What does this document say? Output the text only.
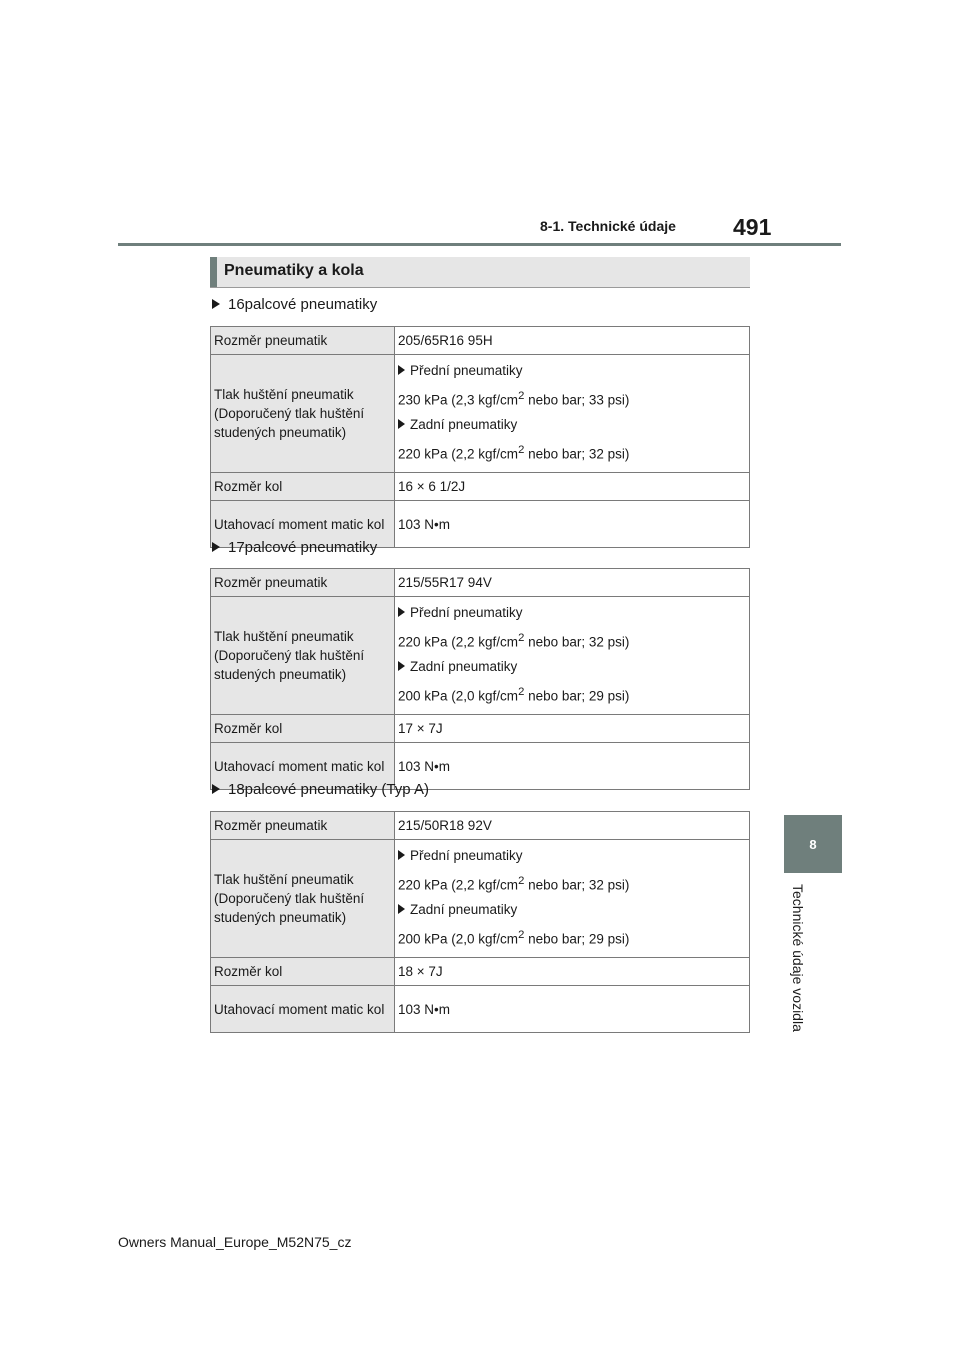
8-1. Technické údaje 491
8
Technické údaje vozidla
Pneumatiky a kola
16palcové pneumatiky
Rozměr pneumatik	205/65R16 95H
Tlak huštění pneumatik (Doporučený tlak huštění studených pneumatik)	Přední pneumatiky
230 kPa (2,3 kgf/$cm^2$ nebo bar; 33 psi)
Zadní pneumatiky
220 kPa (2,2 kgf/$cm^2$ nebo bar; 32 psi)

Rozměr kol	16 × 6 1/2J
Utahovací moment matic kol	103 N•m
17palcové pneumatiky
Rozměr pneumatik	215/55R17 94V
Tlak huštění pneumatik (Doporučený tlak huštění studených pneumatik)	Přední pneumatiky
220 kPa (2,2 kgf/$cm^2$ nebo bar; 32 psi)
Zadní pneumatiky
200 kPa (2,0 kgf/$cm^2$ nebo bar; 29 psi)

Rozměr kol	17 × 7J
Utahovací moment matic kol	103 N•m
18palcové pneumatiky (Typ A)
Rozměr pneumatik	215/50R18 92V
Tlak huštění pneumatik (Doporučený tlak huštění studených pneumatik)	Přední pneumatiky
220 kPa (2,2 kgf/$cm^2$ nebo bar; 32 psi)
Zadní pneumatiky
200 kPa (2,0 kgf/$cm^2$ nebo bar; 29 psi)

Rozměr kol	18 × 7J
Utahovací moment matic kol	103 N•m
Owners Manual_Europe_M52N75_cz
